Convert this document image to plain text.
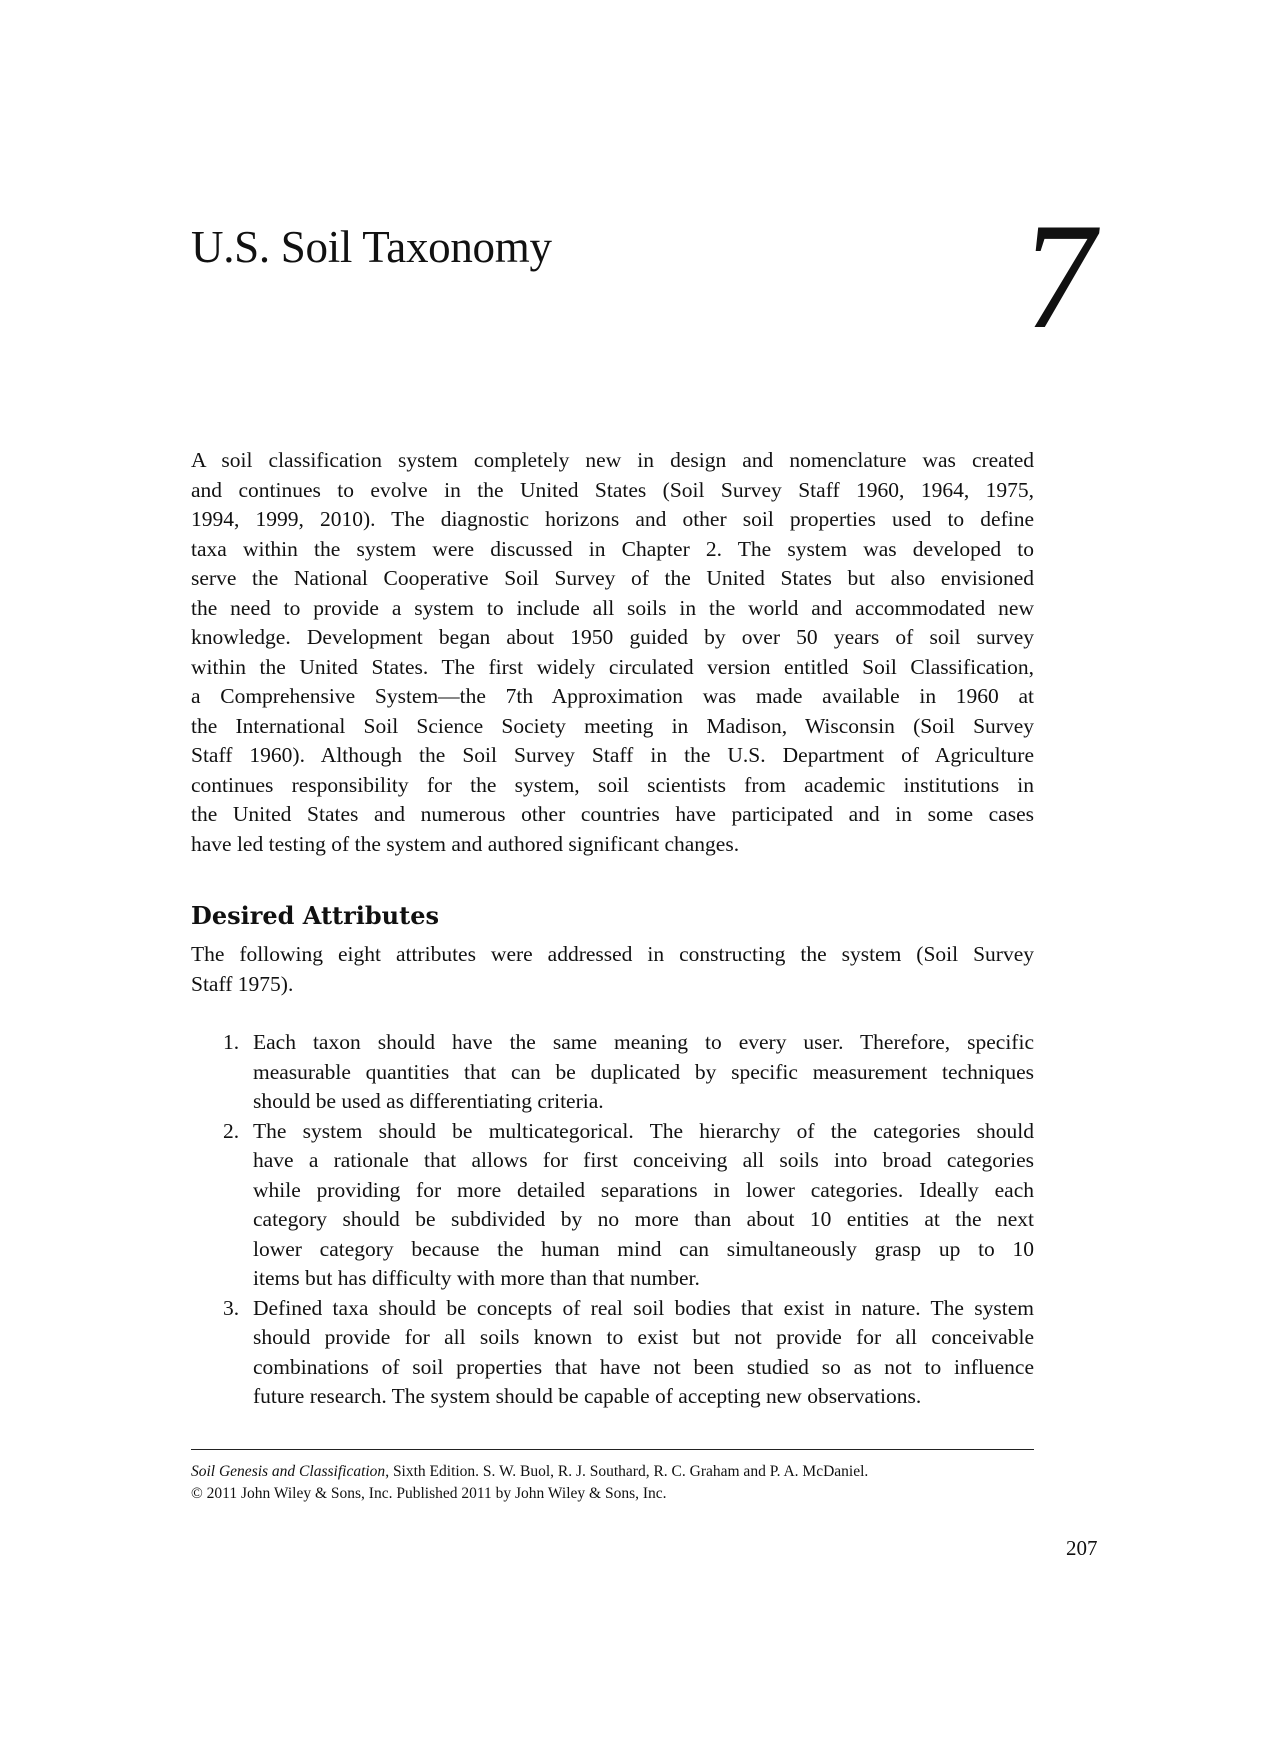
U.S. Soil Taxonomy	7
A soil classification system completely new in design and nomenclature was created
and continues to evolve in the United States (Soil Survey Staff 1960, 1964, 1975,
1994, 1999, 2010). The diagnostic horizons and other soil properties used to define
taxa within the system were discussed in Chapter 2. The system was developed to
serve the National Cooperative Soil Survey of the United States but also envisioned
the need to provide a system to include all soils in the world and accommodated new
knowledge. Development began about 1950 guided by over 50 years of soil survey
within the United States. The first widely circulated version entitled Soil Classification,
a Comprehensive System—the 7th Approximation was made available in 1960 at
the International Soil Science Society meeting in Madison, Wisconsin (Soil Survey
Staff 1960). Although the Soil Survey Staff in the U.S. Department of Agriculture
continues responsibility for the system, soil scientists from academic institutions in
the United States and numerous other countries have participated and in some cases
have led testing of the system and authored significant changes.
Desired Attributes
The following eight attributes were addressed in constructing the system (Soil Survey
Staff 1975).
1. Each taxon should have the same meaning to every user. Therefore, specific
measurable quantities that can be duplicated by specific measurement techniques
should be used as differentiating criteria.
2. The system should be multicategorical. The hierarchy of the categories should
have a rationale that allows for first conceiving all soils into broad categories
while providing for more detailed separations in lower categories. Ideally each
category should be subdivided by no more than about 10 entities at the next
lower category because the human mind can simultaneously grasp up to 10
items but has difficulty with more than that number.
3. Defined taxa should be concepts of real soil bodies that exist in nature. The system
should provide for all soils known to exist but not provide for all conceivable
combinations of soil properties that have not been studied so as not to influence
future research. The system should be capable of accepting new observations.
Soil Genesis and Classification, Sixth Edition. S. W. Buol, R. J. Southard, R. C. Graham and P. A. McDaniel.
© 2011 John Wiley & Sons, Inc. Published 2011 by John Wiley & Sons, Inc.
207
